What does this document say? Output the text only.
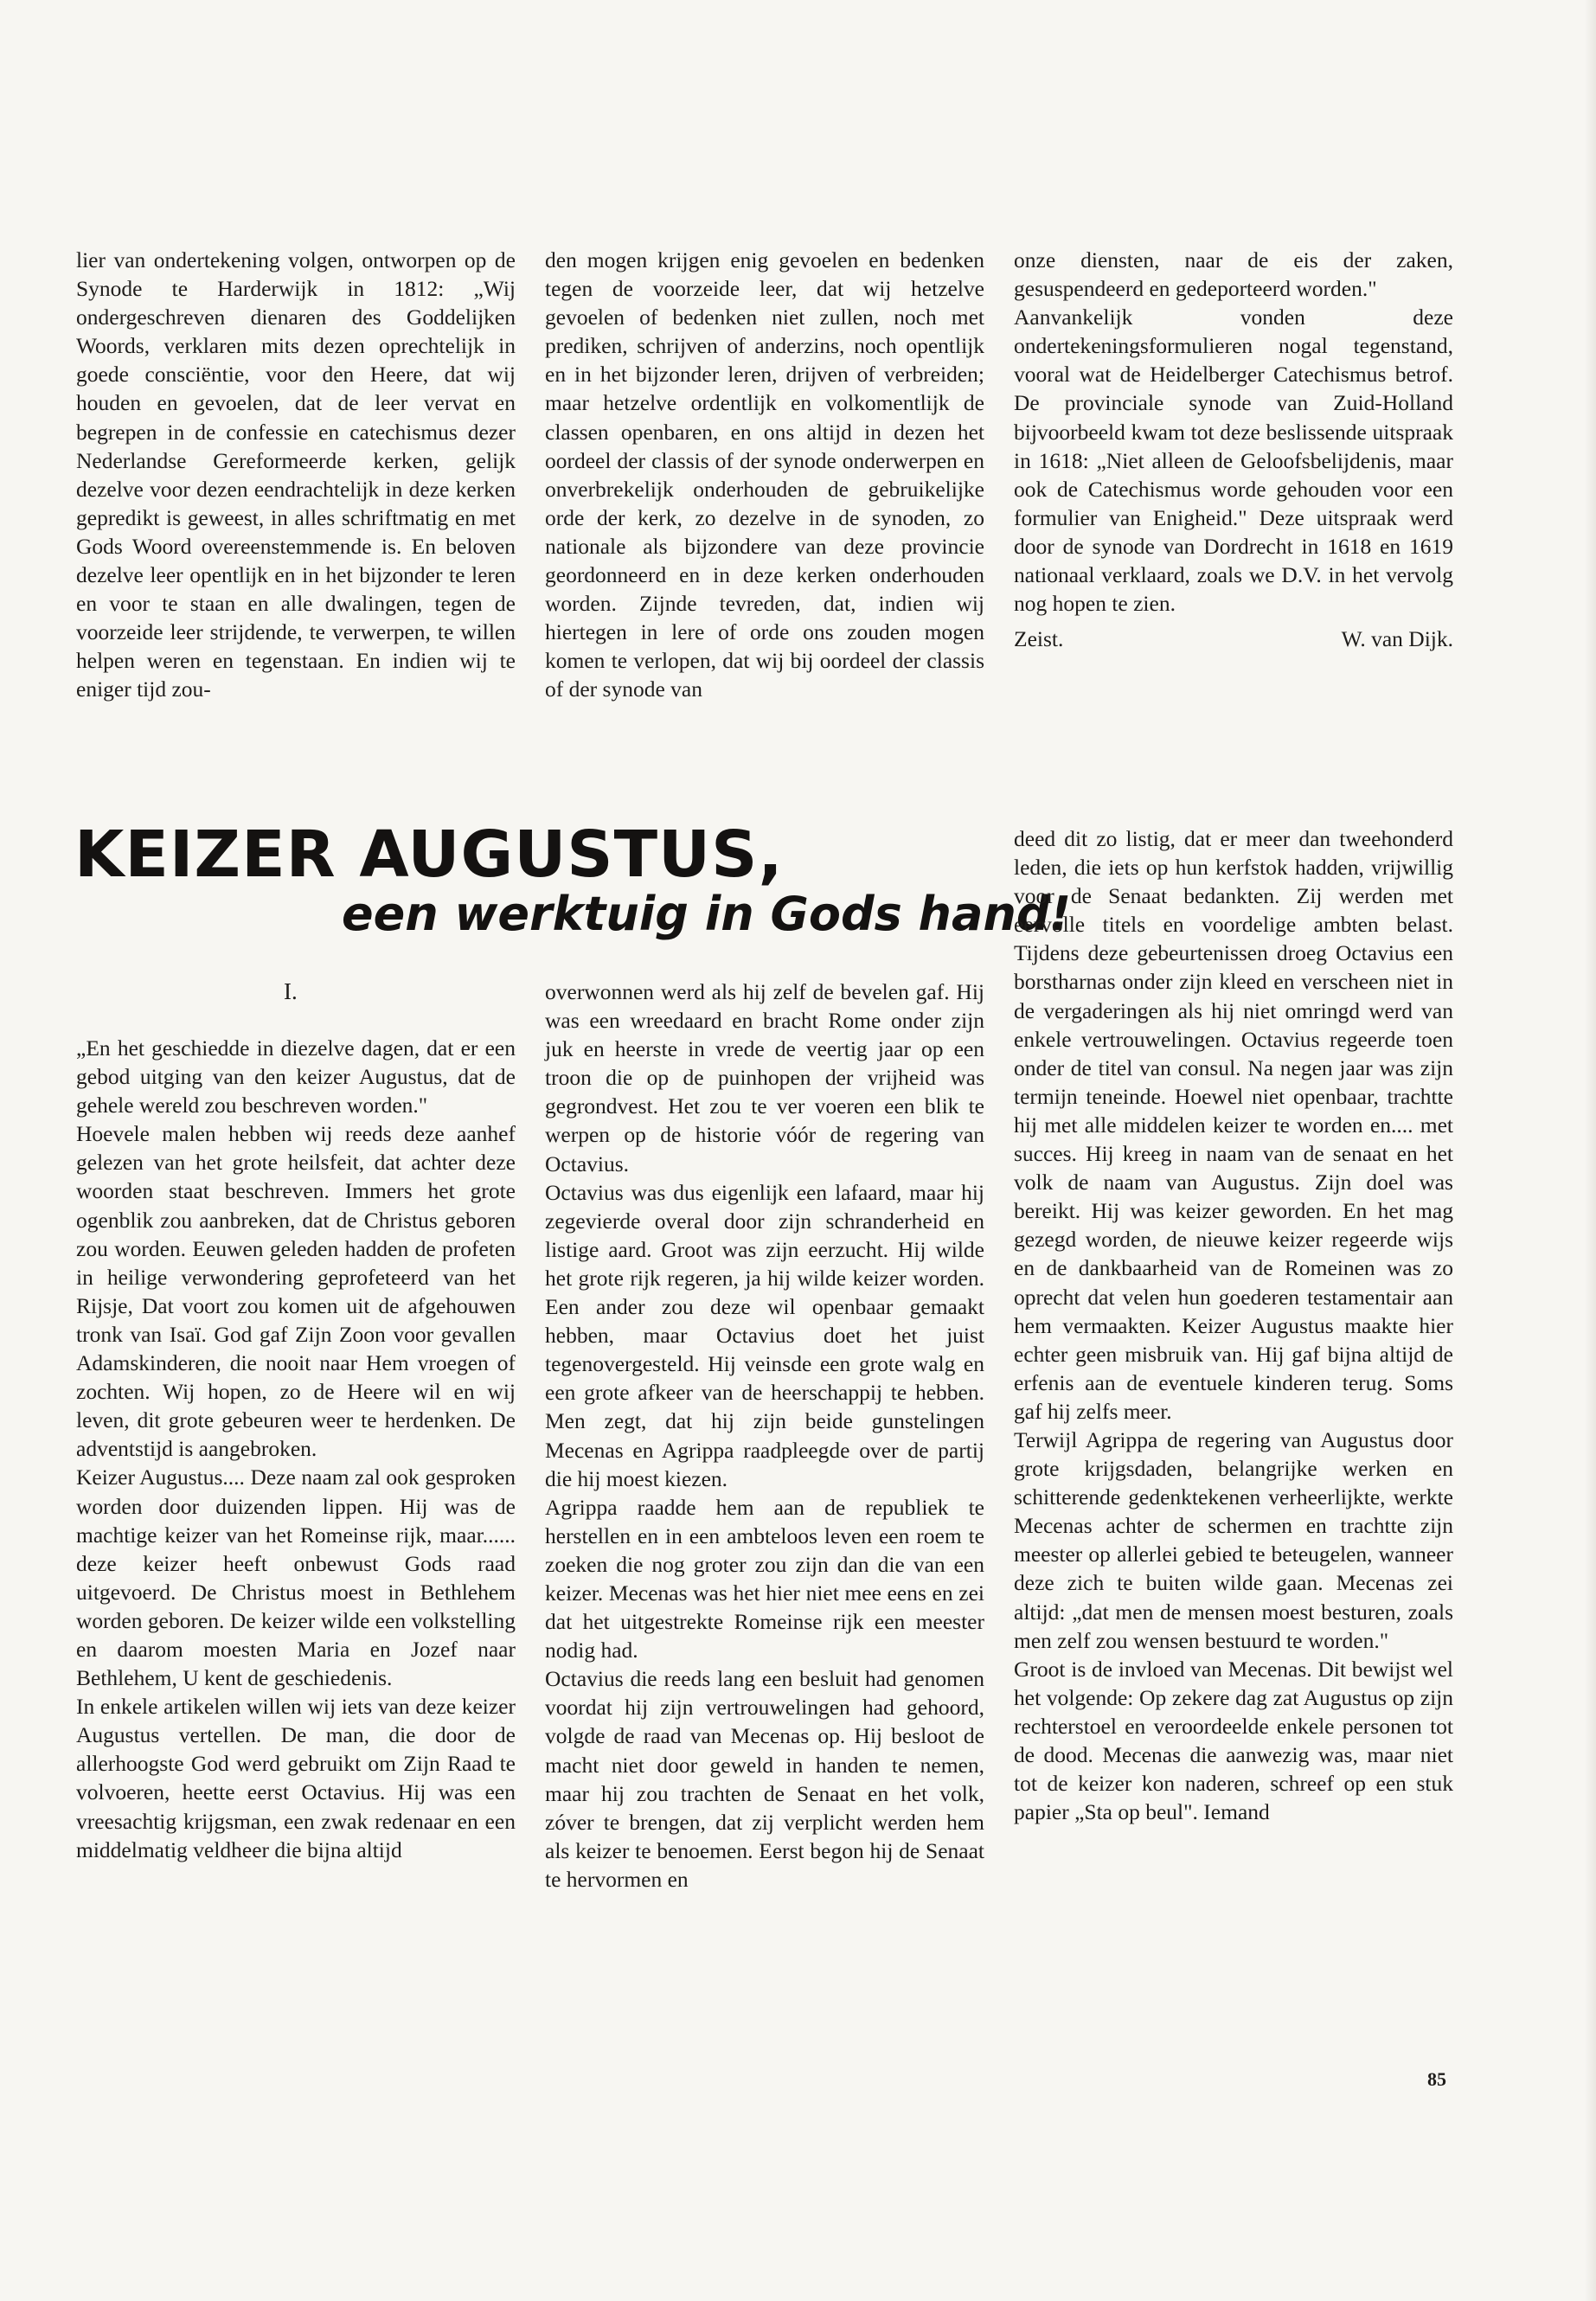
lier van ondertekening volgen, ontworpen op de Synode te Harderwijk in 1812: „Wij ondergeschreven dienaren des Goddelijken Woords, verklaren mits dezen oprechtelijk in goede consciëntie, voor den Heere, dat wij houden en gevoelen, dat de leer vervat en begrepen in de confessie en catechismus dezer Nederlandse Gereformeerde kerken, gelijk dezelve voor dezen eendrachtelijk in deze kerken gepredikt is geweest, in alles schriftmatig en met Gods Woord overeenstemmende is. En beloven dezelve leer opentlijk en in het bijzonder te leren en voor te staan en alle dwalingen, tegen de voorzeide leer strijdende, te verwerpen, te willen helpen weren en tegenstaan. En indien wij te eniger tijd zou-

den mogen krijgen enig gevoelen en bedenken tegen de voorzeide leer, dat wij hetzelve gevoelen of bedenken niet zullen, noch met prediken, schrijven of anderzins, noch opentlijk en in het bijzonder leren, drijven of verbreiden; maar hetzelve ordentlijk en volkomentlijk de classen openbaren, en ons altijd in dezen het oordeel der classis of der synode onderwerpen en onverbrekelijk onderhouden de gebruikelijke orde der kerk, zo dezelve in de synoden, zo nationale als bijzondere van deze provincie geordonneerd en in deze kerken onderhouden worden. Zijnde tevreden, dat, indien wij hiertegen in lere of orde ons zouden mogen komen te verlopen, dat wij bij oordeel der classis of der synode van

onze diensten, naar de eis der zaken, gesuspendeerd en gedeporteerd worden."

Aanvankelijk vonden deze ondertekeningsformulieren nogal tegenstand, vooral wat de Heidelberger Catechismus betrof. De provinciale synode van Zuid-Holland bijvoorbeeld kwam tot deze beslissende uitspraak in 1618: „Niet alleen de Geloofsbelijdenis, maar ook de Catechismus worde gehouden voor een formulier van Enigheid." Deze uitspraak werd door de synode van Dordrecht in 1618 en 1619 nationaal verklaard, zoals we D.V. in het vervolg nog hopen te zien.

Zeist.	W. van Dijk.
KEIZER AUGUSTUS,
een werktuig in Gods hand!

I.

„En het geschiedde in diezelve dagen, dat er een gebod uitging van den keizer Augustus, dat de gehele wereld zou beschreven worden."

Hoevele malen hebben wij reeds deze aanhef gelezen van het grote heilsfeit, dat achter deze woorden staat beschreven. Immers het grote ogenblik zou aanbreken, dat de Christus geboren zou worden. Eeuwen geleden hadden de profeten in heilige verwondering geprofeteerd van het Rijsje, Dat voort zou komen uit de afgehouwen tronk van Isaï. God gaf Zijn Zoon voor gevallen Adamskinderen, die nooit naar Hem vroegen of zochten. Wij hopen, zo de Heere wil en wij leven, dit grote gebeuren weer te herdenken. De adventstijd is aangebroken.

Keizer Augustus.... Deze naam zal ook gesproken worden door duizenden lippen. Hij was de machtige keizer van het Romeinse rijk, maar...... deze keizer heeft onbewust Gods raad uitgevoerd. De Christus moest in Bethlehem worden geboren. De keizer wilde een volkstelling en daarom moesten Maria en Jozef naar Bethlehem, U kent de geschiedenis.

In enkele artikelen willen wij iets van deze keizer Augustus vertellen. De man, die door de allerhoogste God werd gebruikt om Zijn Raad te volvoeren, heette eerst Octavius. Hij was een vreesachtig krijgsman, een zwak redenaar en een middelmatig veldheer die bijna altijd

overwonnen werd als hij zelf de bevelen gaf. Hij was een wreedaard en bracht Rome onder zijn juk en heerste in vrede de veertig jaar op een troon die op de puinhopen der vrijheid was gegrondvest. Het zou te ver voeren een blik te werpen op de historie vóór de regering van Octavius.

Octavius was dus eigenlijk een lafaard, maar hij zegevierde overal door zijn schranderheid en listige aard. Groot was zijn eerzucht. Hij wilde het grote rijk regeren, ja hij wilde keizer worden. Een ander zou deze wil openbaar gemaakt hebben, maar Octavius doet het juist tegenovergesteld. Hij veinsde een grote walg en een grote afkeer van de heerschappij te hebben. Men zegt, dat hij zijn beide gunstelingen Mecenas en Agrippa raadpleegde over de partij die hij moest kiezen.

Agrippa raadde hem aan de republiek te herstellen en in een ambteloos leven een roem te zoeken die nog groter zou zijn dan die van een keizer. Mecenas was het hier niet mee eens en zei dat het uitgestrekte Romeinse rijk een meester nodig had.

Octavius die reeds lang een besluit had genomen voordat hij zijn vertrouwelingen had gehoord, volgde de raad van Mecenas op. Hij besloot de macht niet door geweld in handen te nemen, maar hij zou trachten de Senaat en het volk, zóver te brengen, dat zij verplicht werden hem als keizer te benoemen. Eerst begon hij de Senaat te hervormen en

deed dit zo listig, dat er meer dan tweehonderd leden, die iets op hun kerfstok hadden, vrijwillig voor de Senaat bedankten. Zij werden met eervolle titels en voordelige ambten belast. Tijdens deze gebeurtenissen droeg Octavius een borstharnas onder zijn kleed en verscheen niet in de vergaderingen als hij niet omringd werd van enkele vertrouwelingen. Octavius regeerde toen onder de titel van consul. Na negen jaar was zijn termijn teneinde. Hoewel niet openbaar, trachtte hij met alle middelen keizer te worden en.... met succes. Hij kreeg in naam van de senaat en het volk de naam van Augustus. Zijn doel was bereikt. Hij was keizer geworden. En het mag gezegd worden, de nieuwe keizer regeerde wijs en de dankbaarheid van de Romeinen was zo oprecht dat velen hun goederen testamentair aan hem vermaakten. Keizer Augustus maakte hier echter geen misbruik van. Hij gaf bijna altijd de erfenis aan de eventuele kinderen terug. Soms gaf hij zelfs meer.

Terwijl Agrippa de regering van Augustus door grote krijgsdaden, belangrijke werken en schitterende gedenktekenen verheerlijkte, werkte Mecenas achter de schermen en trachtte zijn meester op allerlei gebied te beteugelen, wanneer deze zich te buiten wilde gaan. Mecenas zei altijd: „dat men de mensen moest besturen, zoals men zelf zou wensen bestuurd te worden."

Groot is de invloed van Mecenas. Dit bewijst wel het volgende: Op zekere dag zat Augustus op zijn rechterstoel en veroordeelde enkele personen tot de dood. Mecenas die aanwezig was, maar niet tot de keizer kon naderen, schreef op een stuk papier „Sta op beul". Iemand

85
